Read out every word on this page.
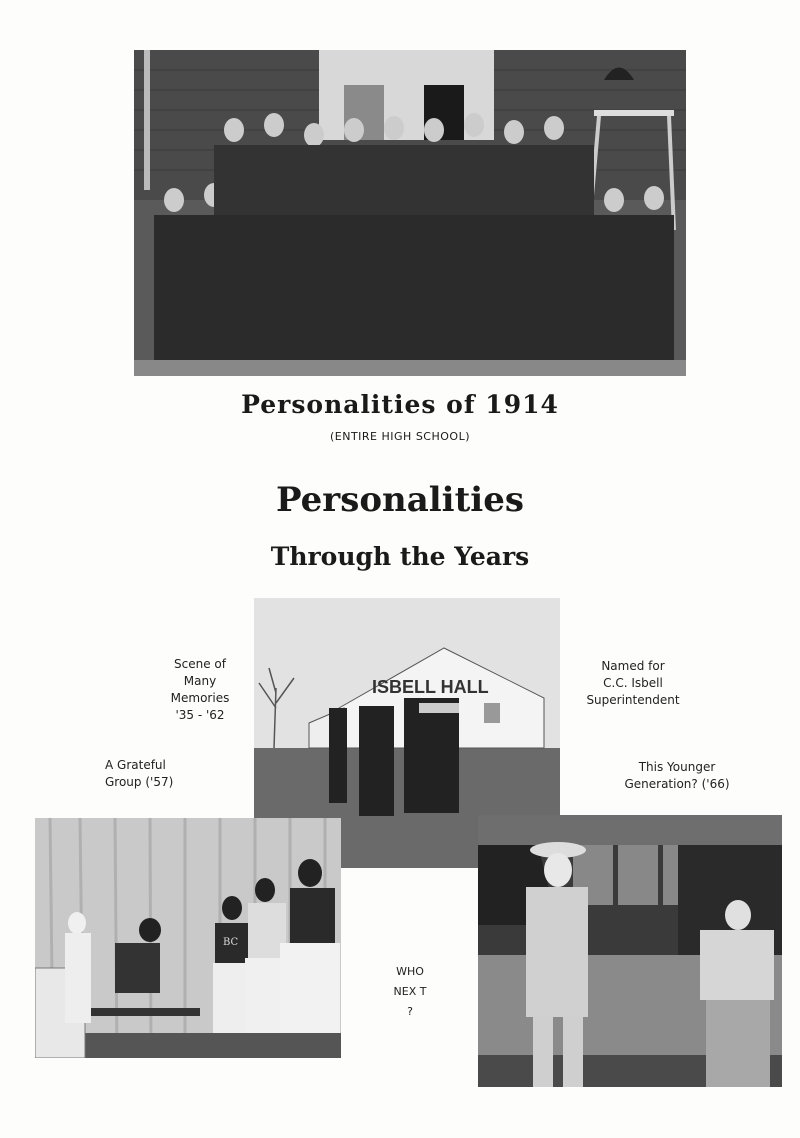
Personalities of 1914
(ENTIRE HIGH SCHOOL)
Personalities
Through the Years
ISBELL HALL
Scene of
Many
Memories
'35 - '62
A Grateful
Group ('57)
Named for
C.C. Isbell
Superintendent
This Younger
Generation? ('66)
BC
WHO
NEX T
?
